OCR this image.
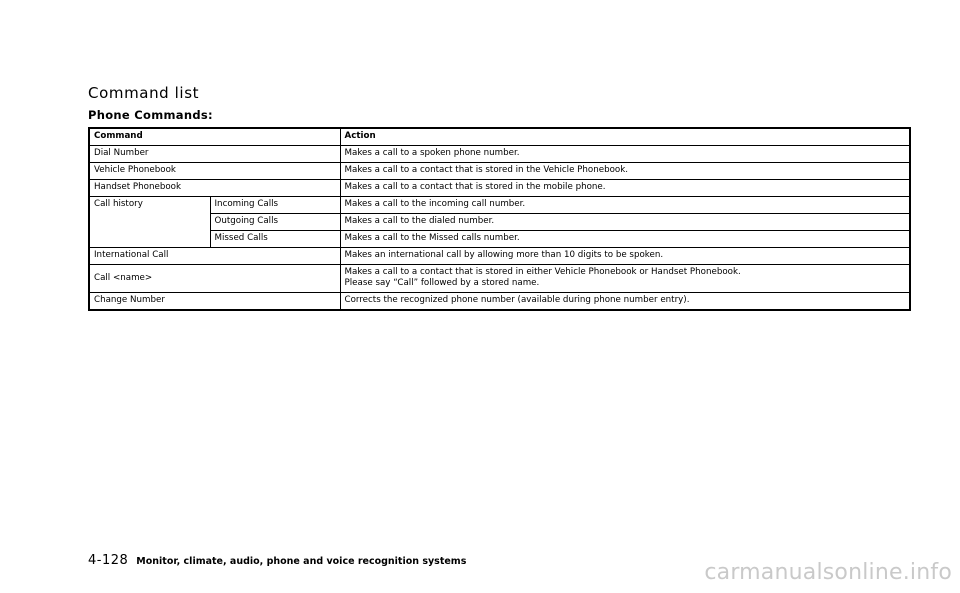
Command list
Phone Commands:
Command		Action
Dial Number		Makes a call to a spoken phone number.
Vehicle Phonebook		Makes a call to a contact that is stored in the Vehicle Phonebook.
Handset Phonebook		Makes a call to a contact that is stored in the mobile phone.
Call history	Incoming Calls	Makes a call to the incoming call number.
	Outgoing Calls	Makes a call to the dialed number.
	Missed Calls	Makes a call to the Missed calls number.
International Call		Makes an international call by allowing more than 10 digits to be spoken.
Call <name>		Makes a call to a contact that is stored in either Vehicle Phonebook or Handset Phonebook.
Please say “Call” followed by a stored name.

Change Number		Corrects the recognized phone number (available during phone number entry).
4-128 Monitor, climate, audio, phone and voice recognition systems	carmanualsonline.info
